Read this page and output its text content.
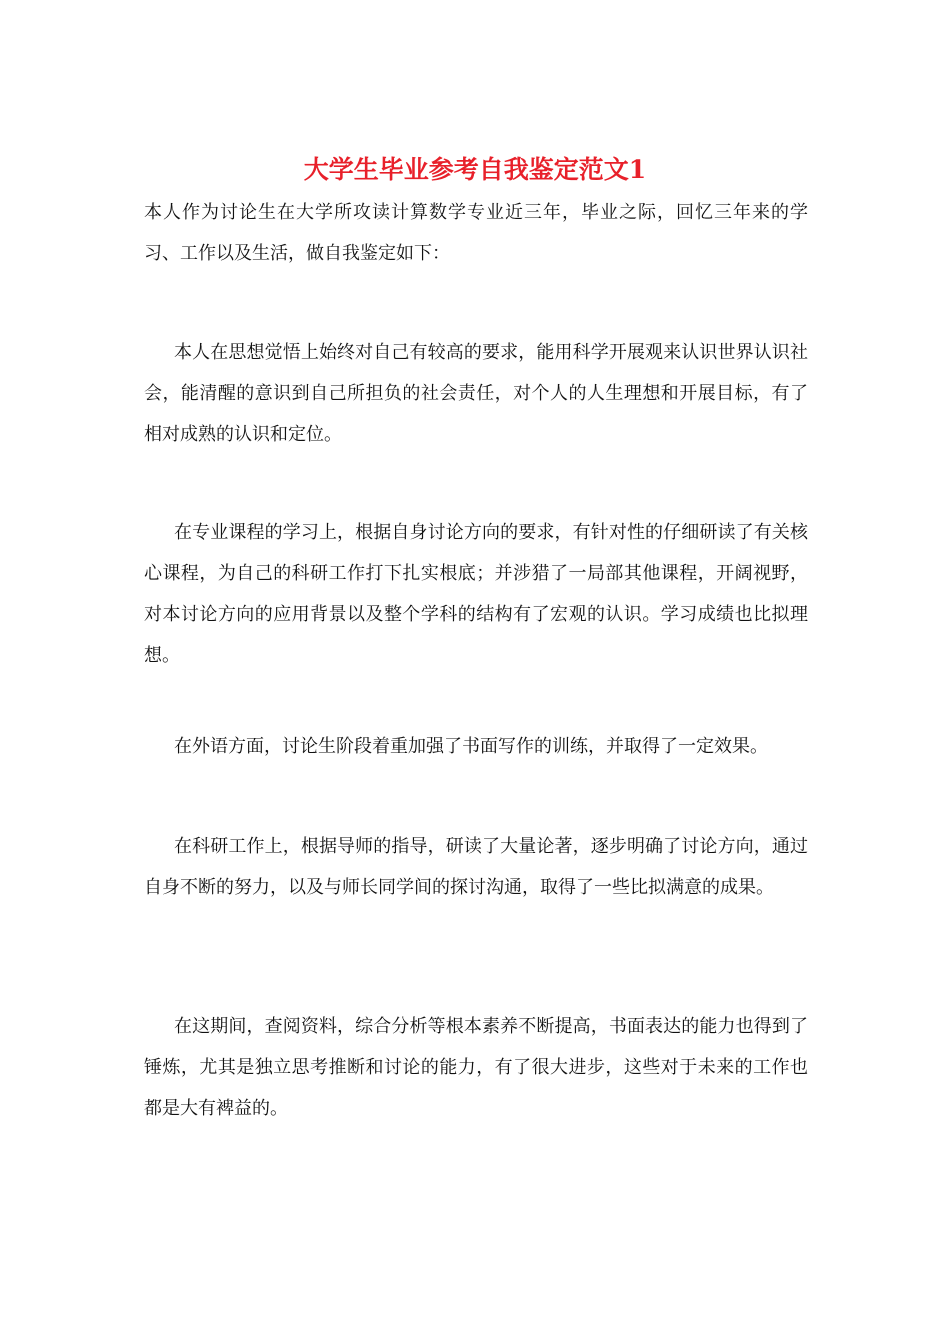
大学生毕业参考自我鉴定范文1

本人作为讨论生在大学所攻读计算数学专业近三年，毕业之际，回忆三年来的学习、工作以及生活，做自我鉴定如下：

本人在思想觉悟上始终对自己有较高的要求，能用科学开展观来认识世界认识社会，能清醒的意识到自己所担负的社会责任，对个人的人生理想和开展目标，有了相对成熟的认识和定位。

在专业课程的学习上，根据自身讨论方向的要求，有针对性的仔细研读了有关核心课程，为自己的科研工作打下扎实根底；并涉猎了一局部其他课程，开阔视野，对本讨论方向的应用背景以及整个学科的结构有了宏观的认识。学习成绩也比拟理想。

在外语方面，讨论生阶段着重加强了书面写作的训练，并取得了一定效果。

在科研工作上，根据导师的指导，研读了大量论著，逐步明确了讨论方向，通过自身不断的努力，以及与师长同学间的探讨沟通，取得了一些比拟满意的成果。

在这期间，查阅资料，综合分析等根本素养不断提高，书面表达的能力也得到了锤炼，尤其是独立思考推断和讨论的能力，有了很大进步，这些对于未来的工作也都是大有裨益的。
